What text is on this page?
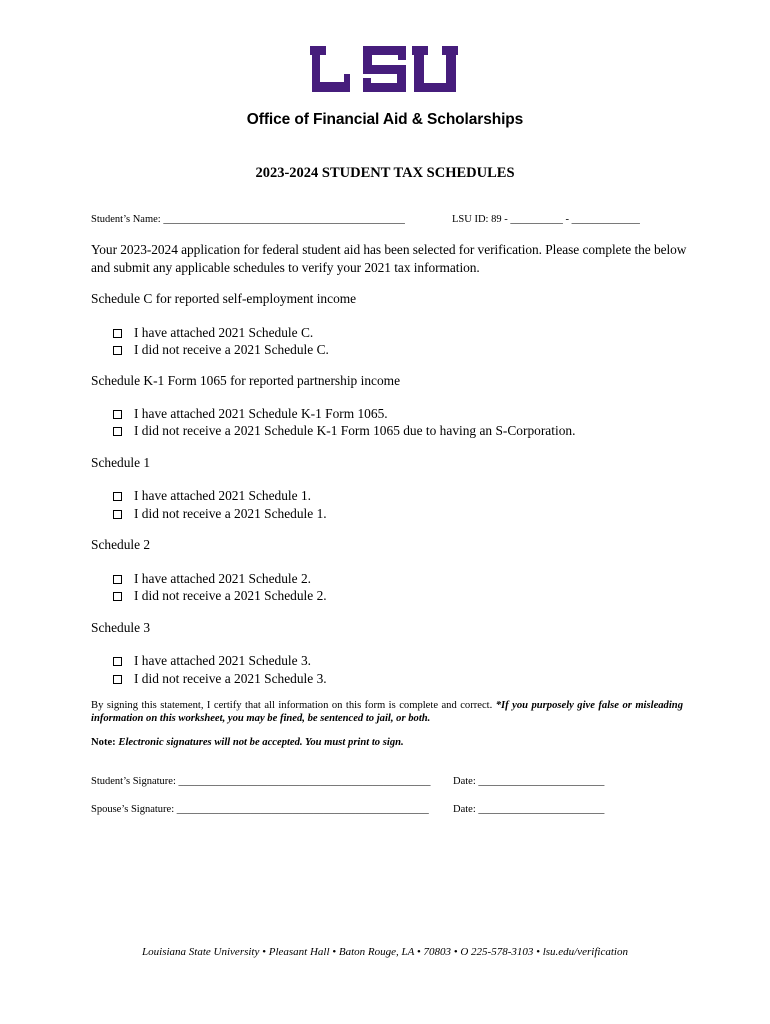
Office of Financial Aid & Scholarships
2023-2024 STUDENT TAX SCHEDULES
Student’s Name: ______________________________________________	LSU ID: 89 - __________ - _____________
Your 2023-2024 application for federal student aid has been selected for verification. Please complete the below and submit any applicable schedules to verify your 2021 tax information.
Schedule C for reported self-employment income
I have attached 2021 Schedule C.
I did not receive a 2021 Schedule C.
Schedule K-1 Form 1065 for reported partnership income
I have attached 2021 Schedule K-1 Form 1065.
I did not receive a 2021 Schedule K-1 Form 1065 due to having an S-Corporation.
Schedule 1
I have attached 2021 Schedule 1.
I did not receive a 2021 Schedule 1.
Schedule 2
I have attached 2021 Schedule 2.
I did not receive a 2021 Schedule 2.
Schedule 3
I have attached 2021 Schedule 3.
I did not receive a 2021 Schedule 3.
By signing this statement, I certify that all information on this form is complete and correct. *If you purposely give false or misleading information on this worksheet, you may be fined, be sentenced to jail, or both.
Note: Electronic signatures will not be accepted. You must print to sign.
Student’s Signature: ________________________________________________ Date: ________________________
Spouse’s Signature: ________________________________________________ Date: ________________________
Louisiana State University • Pleasant Hall • Baton Rouge, LA • 70803 • O 225-578-3103 • lsu.edu/verification
